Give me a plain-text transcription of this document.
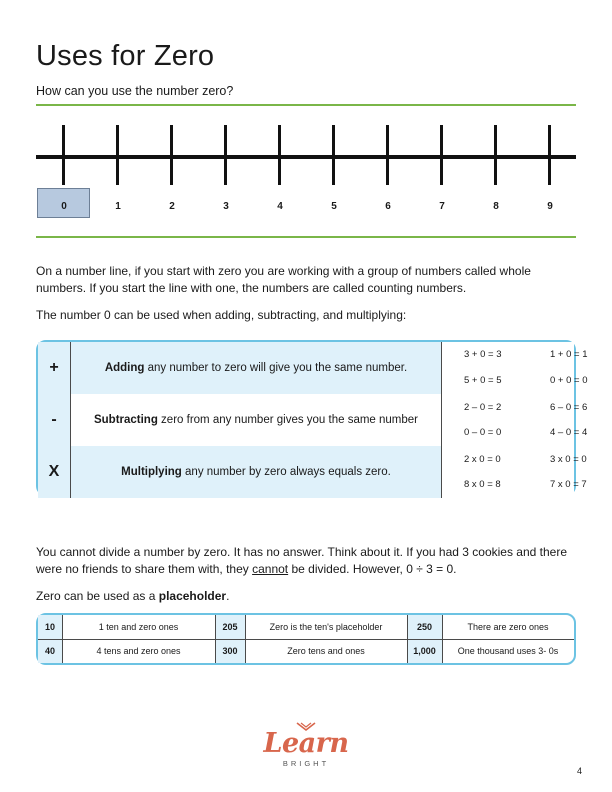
Uses for Zero
How can you use the number zero?
0	1	2	3	4	5	6	7	8	9
On a number line, if you start with zero you are working with a group of numbers called whole numbers. If you start the line with one, the numbers are called counting numbers.
The number 0 can be used when adding, subtracting, and multiplying:
+	Adding any number to zero will give you the same number.
3 + 0 = 3	1 + 0 = 1
5 + 0 = 5	0 + 0 = 0
-	Subtracting zero from any number gives you the same number
2 – 0 = 2	6 – 0 = 6
0 – 0 = 0	4 – 0 = 4
X	Multiplying any number by zero always equals zero.
2 x 0 = 0	3 x 0 = 0
8 x 0 = 8	7 x 0 = 7
You cannot divide a number by zero. It has no answer. Think about it. If you had 3 cookies and there were no friends to share them with, they cannot be divided. However, 0 ÷ 3 = 0.
Zero can be used as a placeholder.
10	1 ten and zero ones	205	Zero is the ten's placeholder	250	There are zero ones
40	4 tens and zero ones	300	Zero tens and ones	1,000	One thousand uses 3- 0s
Learn
BRIGHT
4
